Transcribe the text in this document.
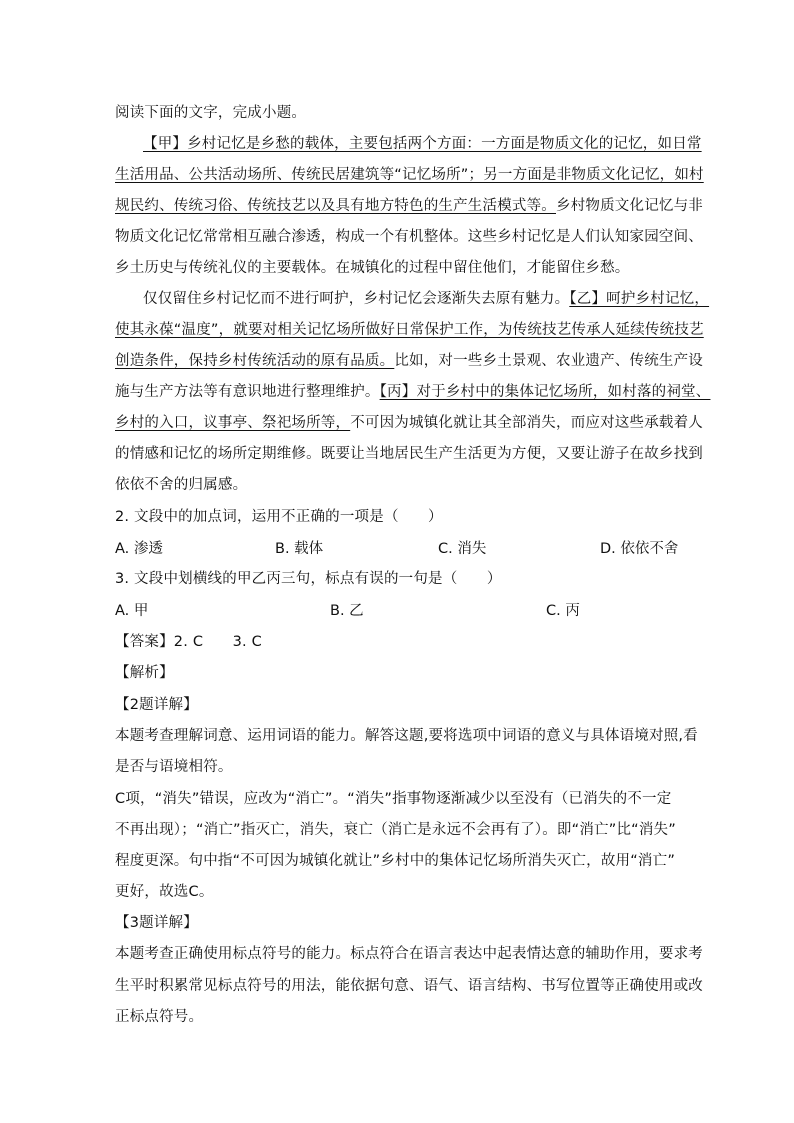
阅读下面的文字，完成小题。
【甲】乡村记忆是乡愁的载体，主要包括两个方面：一方面是物质文化的记忆，如日常
生活用品、公共活动场所、传统民居建筑等“记忆场所”；另一方面是非物质文化记忆，如村
规民约、传统习俗、传统技艺以及具有地方特色的生产生活模式等。乡村物质文化记忆与非
物质文化记忆常常相互融合渗透，构成一个有机整体。这些乡村记忆是人们认知家园空间、
乡土历史与传统礼仪的主要载体。在城镇化的过程中留住他们，才能留住乡愁。
仅仅留住乡村记忆而不进行呵护，乡村记忆会逐渐失去原有魅力。【乙】呵护乡村记忆，
使其永葆“温度”，就要对相关记忆场所做好日常保护工作，为传统技艺传承人延续传统技艺
创造条件，保持乡村传统活动的原有品质。比如，对一些乡土景观、农业遗产、传统生产设
施与生产方法等有意识地进行整理维护。【丙】对于乡村中的集体记忆场所，如村落的祠堂、
乡村的入口，议事亭、祭祀场所等，不可因为城镇化就让其全部消失，而应对这些承载着人
的情感和记忆的场所定期维修。既要让当地居民生产生活更为方便，又要让游子在故乡找到
依依不舍的归属感。
2. 文段中的加点词，运用不正确的一项是（　　）
A. 渗透	B. 载体	C. 消失	D. 依依不舍
3. 文段中划横线的甲乙丙三句，标点有误的一句是（　　）
A. 甲	B. 乙	C. 丙
【答案】2. C　　3. C
【解析】
【2题详解】
本题考查理解词意、运用词语的能力。解答这题,要将选项中词语的意义与具体语境对照,看
是否与语境相符。
C项，“消失”错误，应改为“消亡”。“消失”指事物逐渐减少以至没有（已消失的不一定
不再出现）；“消亡”指灭亡，消失，衰亡（消亡是永远不会再有了）。即“消亡”比“消失”
程度更深。句中指“不可因为城镇化就让”乡村中的集体记忆场所消失灭亡，故用“消亡”
更好，故选C。
【3题详解】
本题考查正确使用标点符号的能力。标点符合在语言表达中起表情达意的辅助作用，要求考
生平时积累常见标点符号的用法，能依据句意、语气、语言结构、书写位置等正确使用或改
正标点符号。
